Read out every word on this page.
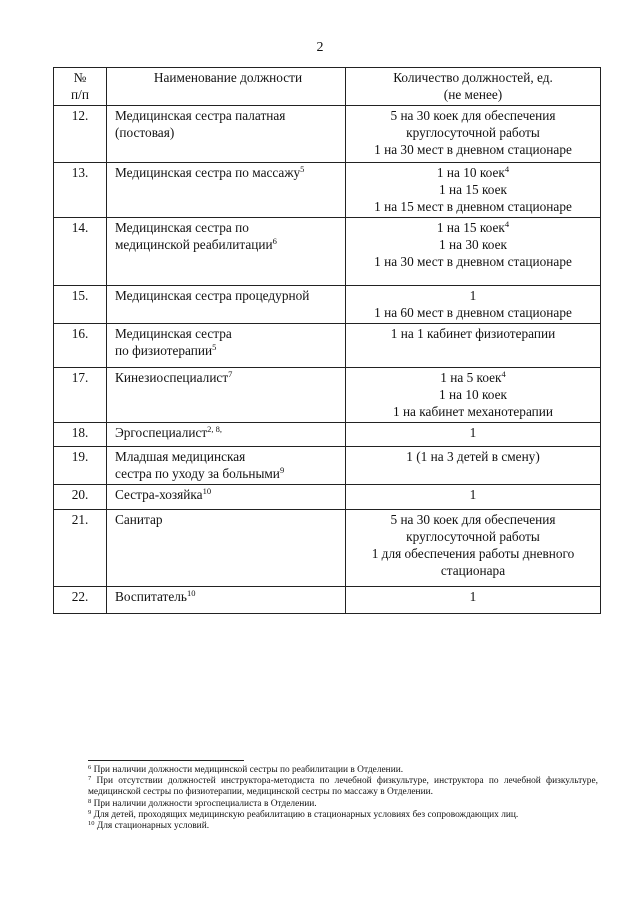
2
№
п/п	Наименование должности	Количество должностей, ед.
(не менее)

12.	Медицинская сестра палатная
(постовая)	5 на 30 коек для обеспечения
круглосуточной работы
1 на 30 мест в дневном стационаре

13.	Медицинская сестра по массажу$^5$	1 на 10 коек$^4$
1 на 15 коек
1 на 15 мест в дневном стационаре

14.	Медицинская сестра по
медицинской реабилитации$^6$	1 на 15 коек$^4$
1 на 30 коек
1 на 30 мест в дневном стационаре

15.	Медицинская сестра процедурной	1
1 на 60 мест в дневном стационаре

16.	Медицинская сестра
по физиотерапии$^5$	1 на 1 кабинет физиотерапии

17.	Кинезиоспециалист$^7$	1 на 5 коек$^4$
1 на 10 коек
1 на кабинет механотерапии

18.	Эргоспециалист$^{2, 8,}$	1

19.	Младшая медицинская
сестра по уходу за больными$^9$	1 (1 на 3 детей в смену)

20.	Сестра-хозяйка$^{10}$	1

21.	Санитар	5 на 30 коек для обеспечения
круглосуточной работы
1 для обеспечения работы дневного
стационара

22.	Воспитатель$^{10}$	1

$^6$ При наличии должности медицинской сестры по реабилитации в Отделении.

$^7$ При отсутствии должностей инструктора-методиста по лечебной физкультуре, инструктора по лечебной физкультуре, медицинской сестры по физиотерапии, медицинской сестры по массажу в Отделении.

$^8$ При наличии должности эргоспециалиста в Отделении.

$^9$ Для детей, проходящих медицинскую реабилитацию в стационарных условиях без сопровождающих лиц.

$^{10}$ Для стационарных условий.
